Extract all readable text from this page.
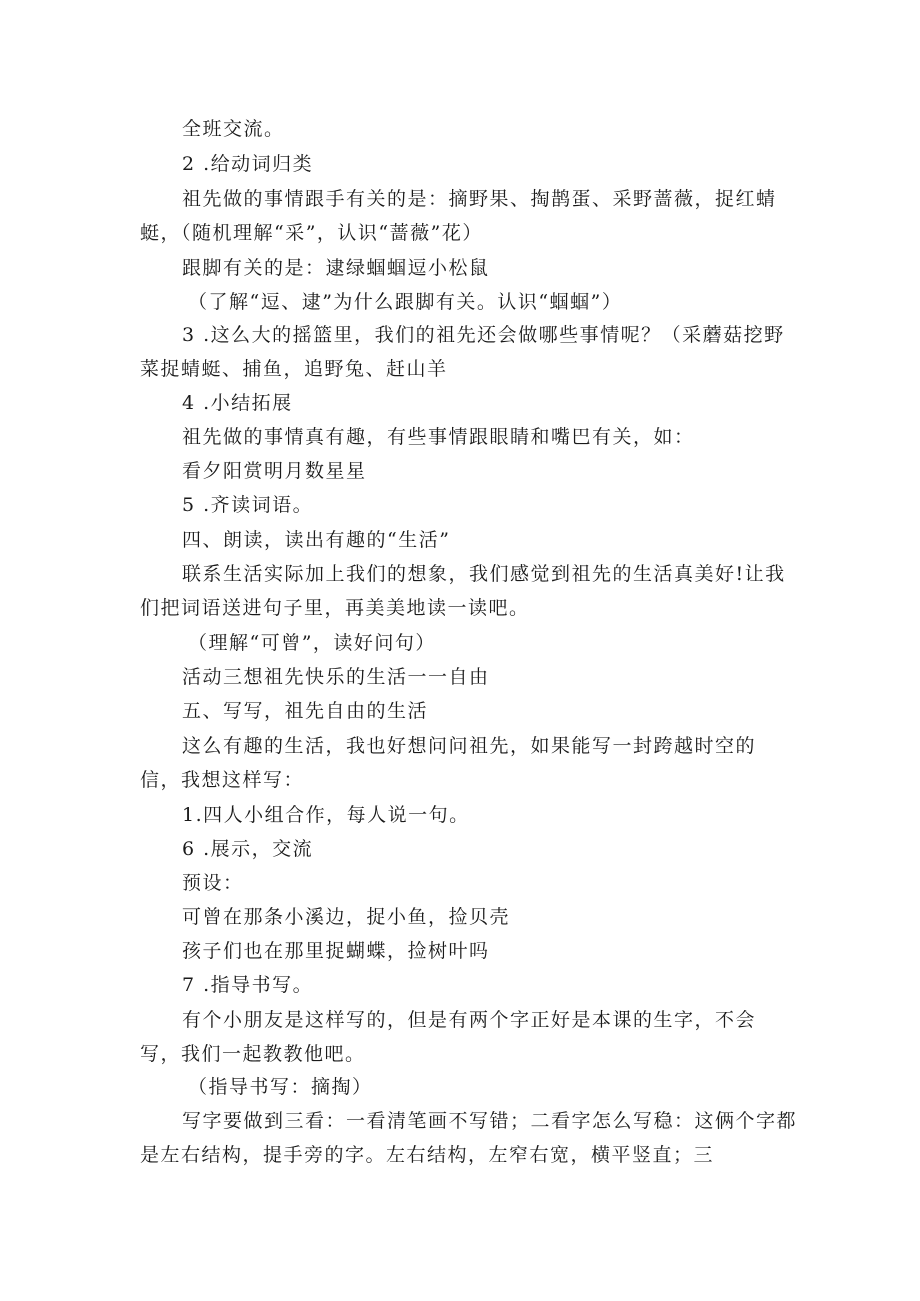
全班交流。
2 .给动词归类
祖先做的事情跟手有关的是：摘野果、掏鹊蛋、采野蔷薇，捉红蜻
蜓，（随机理解“采”，认识“蔷薇”花）
跟脚有关的是：逮绿蝈蝈逗小松鼠
（了解“逗、逮”为什么跟脚有关。认识“蝈蝈”）
3 .这么大的摇篮里，我们的祖先还会做哪些事情呢？（采蘑菇挖野
菜捉蜻蜓、捕鱼，追野兔、赶山羊
4 .小结拓展
祖先做的事情真有趣，有些事情跟眼睛和嘴巴有关，如：
看夕阳赏明月数星星
5 .齐读词语。
四、朗读，读出有趣的“生活”
联系生活实际加上我们的想象，我们感觉到祖先的生活真美好!让我
们把词语送进句子里，再美美地读一读吧。
（理解“可曾”，读好问句）
活动三想祖先快乐的生活一一自由
五、写写，祖先自由的生活
这么有趣的生活，我也好想问问祖先，如果能写一封跨越时空的
信，我想这样写：
1.四人小组合作，每人说一句。
6 .展示，交流
预设：
可曾在那条小溪边，捉小鱼，捡贝壳
孩子们也在那里捉蝴蝶，捡树叶吗
7 .指导书写。
有个小朋友是这样写的，但是有两个字正好是本课的生字，不会
写，我们一起教教他吧。
（指导书写：摘掏）
写字要做到三看：一看清笔画不写错；二看字怎么写稳：这俩个字都
是左右结构，提手旁的字。左右结构，左窄右宽，横平竖直；三
